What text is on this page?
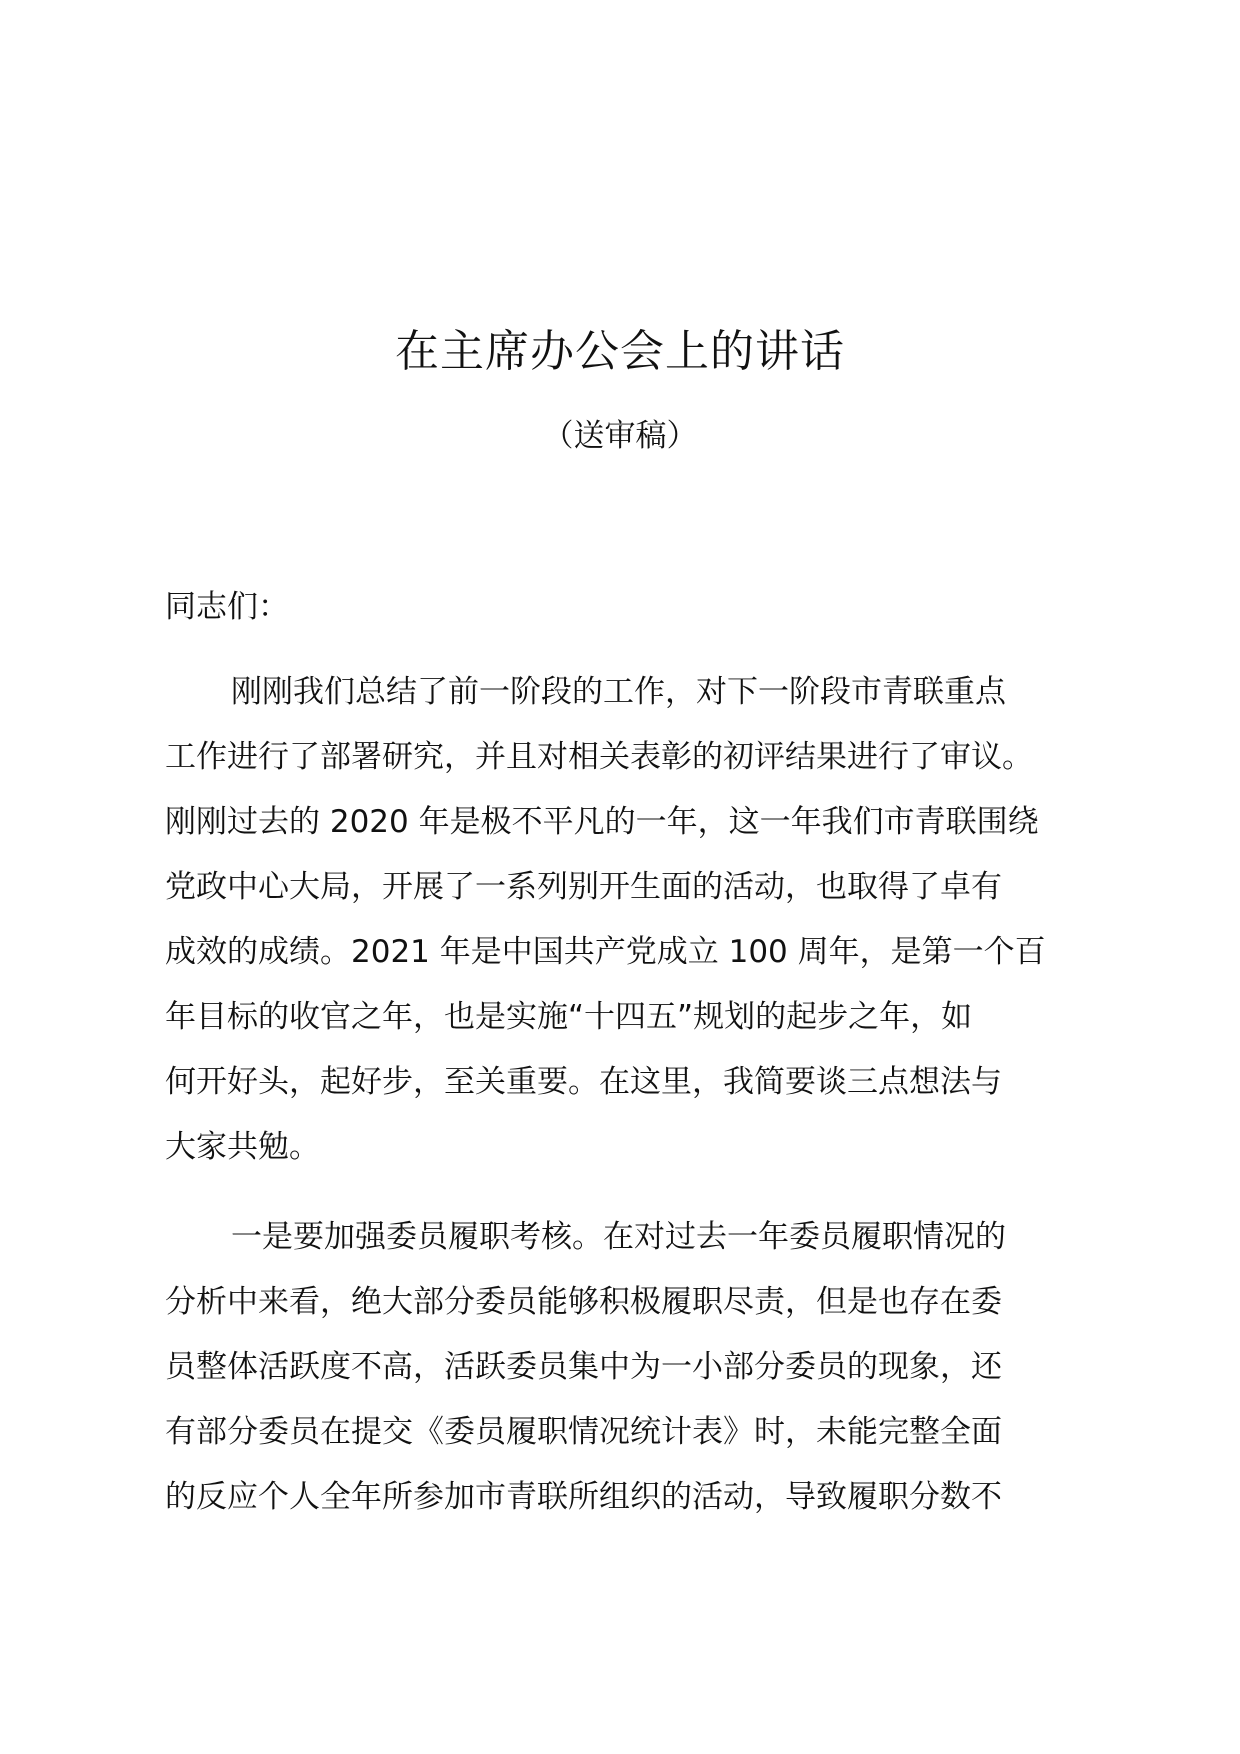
在主席办公会上的讲话

（送审稿）

同志们：

刚刚我们总结了前一阶段的工作，对下一阶段市青联重点
工作进行了部署研究，并且对相关表彰的初评结果进行了审议。
刚刚过去的 2020 年是极不平凡的一年，这一年我们市青联围绕
党政中心大局，开展了一系列别开生面的活动，也取得了卓有
成效的成绩。2021 年是中国共产党成立 100 周年，是第一个百
年目标的收官之年，也是实施“十四五”规划的起步之年，如
何开好头，起好步，至关重要。在这里，我简要谈三点想法与
大家共勉。
一是要加强委员履职考核。在对过去一年委员履职情况的
分析中来看，绝大部分委员能够积极履职尽责，但是也存在委
员整体活跃度不高，活跃委员集中为一小部分委员的现象，还
有部分委员在提交《委员履职情况统计表》时，未能完整全面
的反应个人全年所参加市青联所组织的活动，导致履职分数不
